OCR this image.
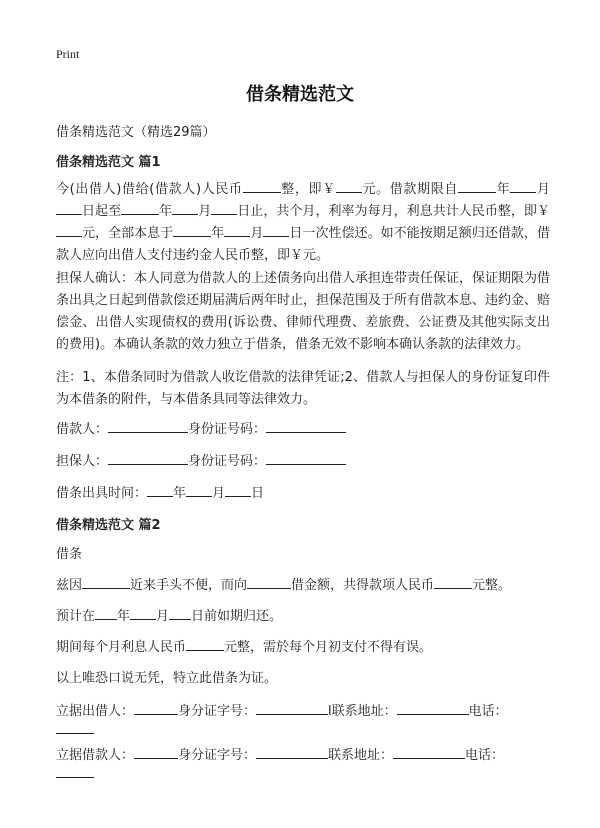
Print
借条精选范文
借条精选范文（精选29篇）
借条精选范文 篇1
今(出借人)借给(借款人)人民币	整，即￥ 元。借款期限自	年 月日起至	年 月 日止，共个月，利率为每月，利息共计人民币整，即￥元，全部本息于	年 月 日一次性偿还。如不能按期足额归还借款，借款人应向出借人支付违约金人民币整，即￥元。
担保人确认：本人同意为借款人的上述债务向出借人承担连带责任保证，保证期限为借条出具之日起到借款偿还期届满后两年时止，担保范围及于所有借款本息、违约金、赔偿金、出借人实现债权的费用(诉讼费、律师代理费、差旅费、公证费及其他实际支出的费用)。本确认条款的效力独立于借条，借条无效不影响本确认条款的法律效力。
注：1、本借条同时为借款人收讫借款的法律凭证;2、借款人与担保人的身份证复印件为本借条的附件，与本借条具同等法律效力。
借款人：	身份证号码：
担保人：	身份证号码：
借条出具时间： 年 月 日
借条精选范文 篇2
借条
兹因	近来手头不便，而向	借金额，共得款项人民币	元整。
预计在 年 月 日前如期归还。
期间每个月利息人民币	元整，需於每个月初支付不得有误。
以上唯恐口说无凭，特立此借条为证。
立据出借人：	身分证字号：	l联系地址：	电话：
立据借款人：	身分证字号：	联系地址：	电话：
